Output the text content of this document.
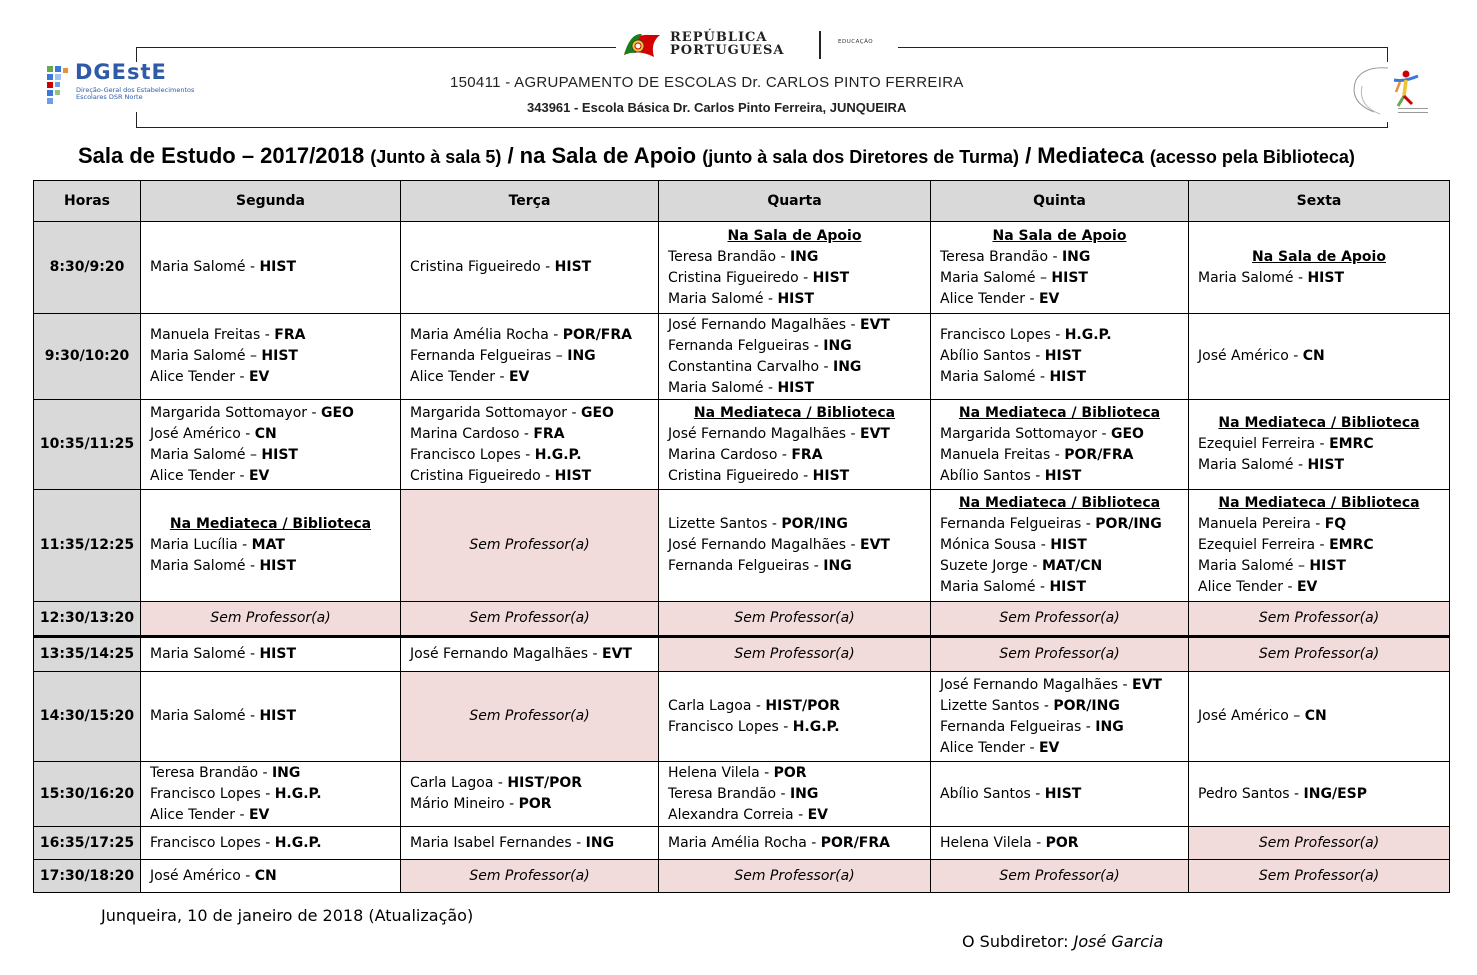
DGEstE
Direção-Geral dos Estabelecimentos Escolares DSR Norte
REPÚBLICA PORTUGUESA
EDUCAÇÃO
150411 - AGRUPAMENTO DE ESCOLAS Dr. CARLOS PINTO FERREIRA
343961 - Escola Básica Dr. Carlos Pinto Ferreira, JUNQUEIRA
Sala de Estudo – 2017/2018 (Junto à sala 5) / na Sala de Apoio (junto à sala dos Diretores de Turma) / Mediateca (acesso pela Biblioteca)
Horas	Segunda	Terça	Quarta	Quinta	Sexta
8:30/9:20	Maria Salomé - HIST	Cristina Figueiredo - HIST	Na Sala de Apoio
Teresa Brandão - ING
Cristina Figueiredo - HIST
Maria Salomé - HIST	Na Sala de Apoio
Teresa Brandão - ING
Maria Salomé – HIST
Alice Tender - EV	Na Sala de Apoio
Maria Salomé - HIST

9:30/10:20	Manuela Freitas - FRA
Maria Salomé – HIST
Alice Tender - EV	Maria Amélia Rocha - POR/FRA
Fernanda Felgueiras – ING
Alice Tender - EV	José Fernando Magalhães - EVT
Fernanda Felgueiras - ING
Constantina Carvalho - ING
Maria Salomé - HIST	Francisco Lopes - H.G.P.
Abílio Santos - HIST
Maria Salomé - HIST	José Américo - CN

10:35/11:25	Margarida Sottomayor - GEO
José Américo - CN
Maria Salomé – HIST
Alice Tender - EV	Margarida Sottomayor - GEO
Marina Cardoso - FRA
Francisco Lopes - H.G.P.
Cristina Figueiredo - HIST	Na Mediateca / Biblioteca
José Fernando Magalhães - EVT
Marina Cardoso - FRA
Cristina Figueiredo - HIST	Na Mediateca / Biblioteca
Margarida Sottomayor - GEO
Manuela Freitas - POR/FRA
Abílio Santos - HIST	Na Mediateca / Biblioteca
Ezequiel Ferreira - EMRC
Maria Salomé - HIST

11:35/12:25	Na Mediateca / Biblioteca
Maria Lucília - MAT
Maria Salomé - HIST	Sem Professor(a)	Lizette Santos - POR/ING
José Fernando Magalhães - EVT
Fernanda Felgueiras - ING	Na Mediateca / Biblioteca
Fernanda Felgueiras - POR/ING
Mónica Sousa - HIST
Suzete Jorge - MAT/CN
Maria Salomé - HIST	Na Mediateca / Biblioteca
Manuela Pereira - FQ
Ezequiel Ferreira - EMRC
Maria Salomé – HIST
Alice Tender - EV

12:30/13:20	Sem Professor(a)	Sem Professor(a)	Sem Professor(a)	Sem Professor(a)	Sem Professor(a)
13:35/14:25	Maria Salomé - HIST	José Fernando Magalhães - EVT	Sem Professor(a)	Sem Professor(a)	Sem Professor(a)
14:30/15:20	Maria Salomé - HIST	Sem Professor(a)	Carla Lagoa - HIST/POR
Francisco Lopes - H.G.P.	José Fernando Magalhães - EVT
Lizette Santos - POR/ING
Fernanda Felgueiras - ING
Alice Tender - EV	José Américo – CN

15:30/16:20	Teresa Brandão - ING
Francisco Lopes - H.G.P.
Alice Tender - EV	Carla Lagoa - HIST/POR
Mário Mineiro - POR	Helena Vilela - POR
Teresa Brandão - ING
Alexandra Correia - EV	Abílio Santos - HIST	Pedro Santos - ING/ESP

16:35/17:25	Francisco Lopes - H.G.P.	Maria Isabel Fernandes - ING	Maria Amélia Rocha - POR/FRA	Helena Vilela - POR	Sem Professor(a)
17:30/18:20	José Américo - CN	Sem Professor(a)	Sem Professor(a)	Sem Professor(a)	Sem Professor(a)
Junqueira, 10 de janeiro de 2018 (Atualização)
O Subdiretor: José Garcia
